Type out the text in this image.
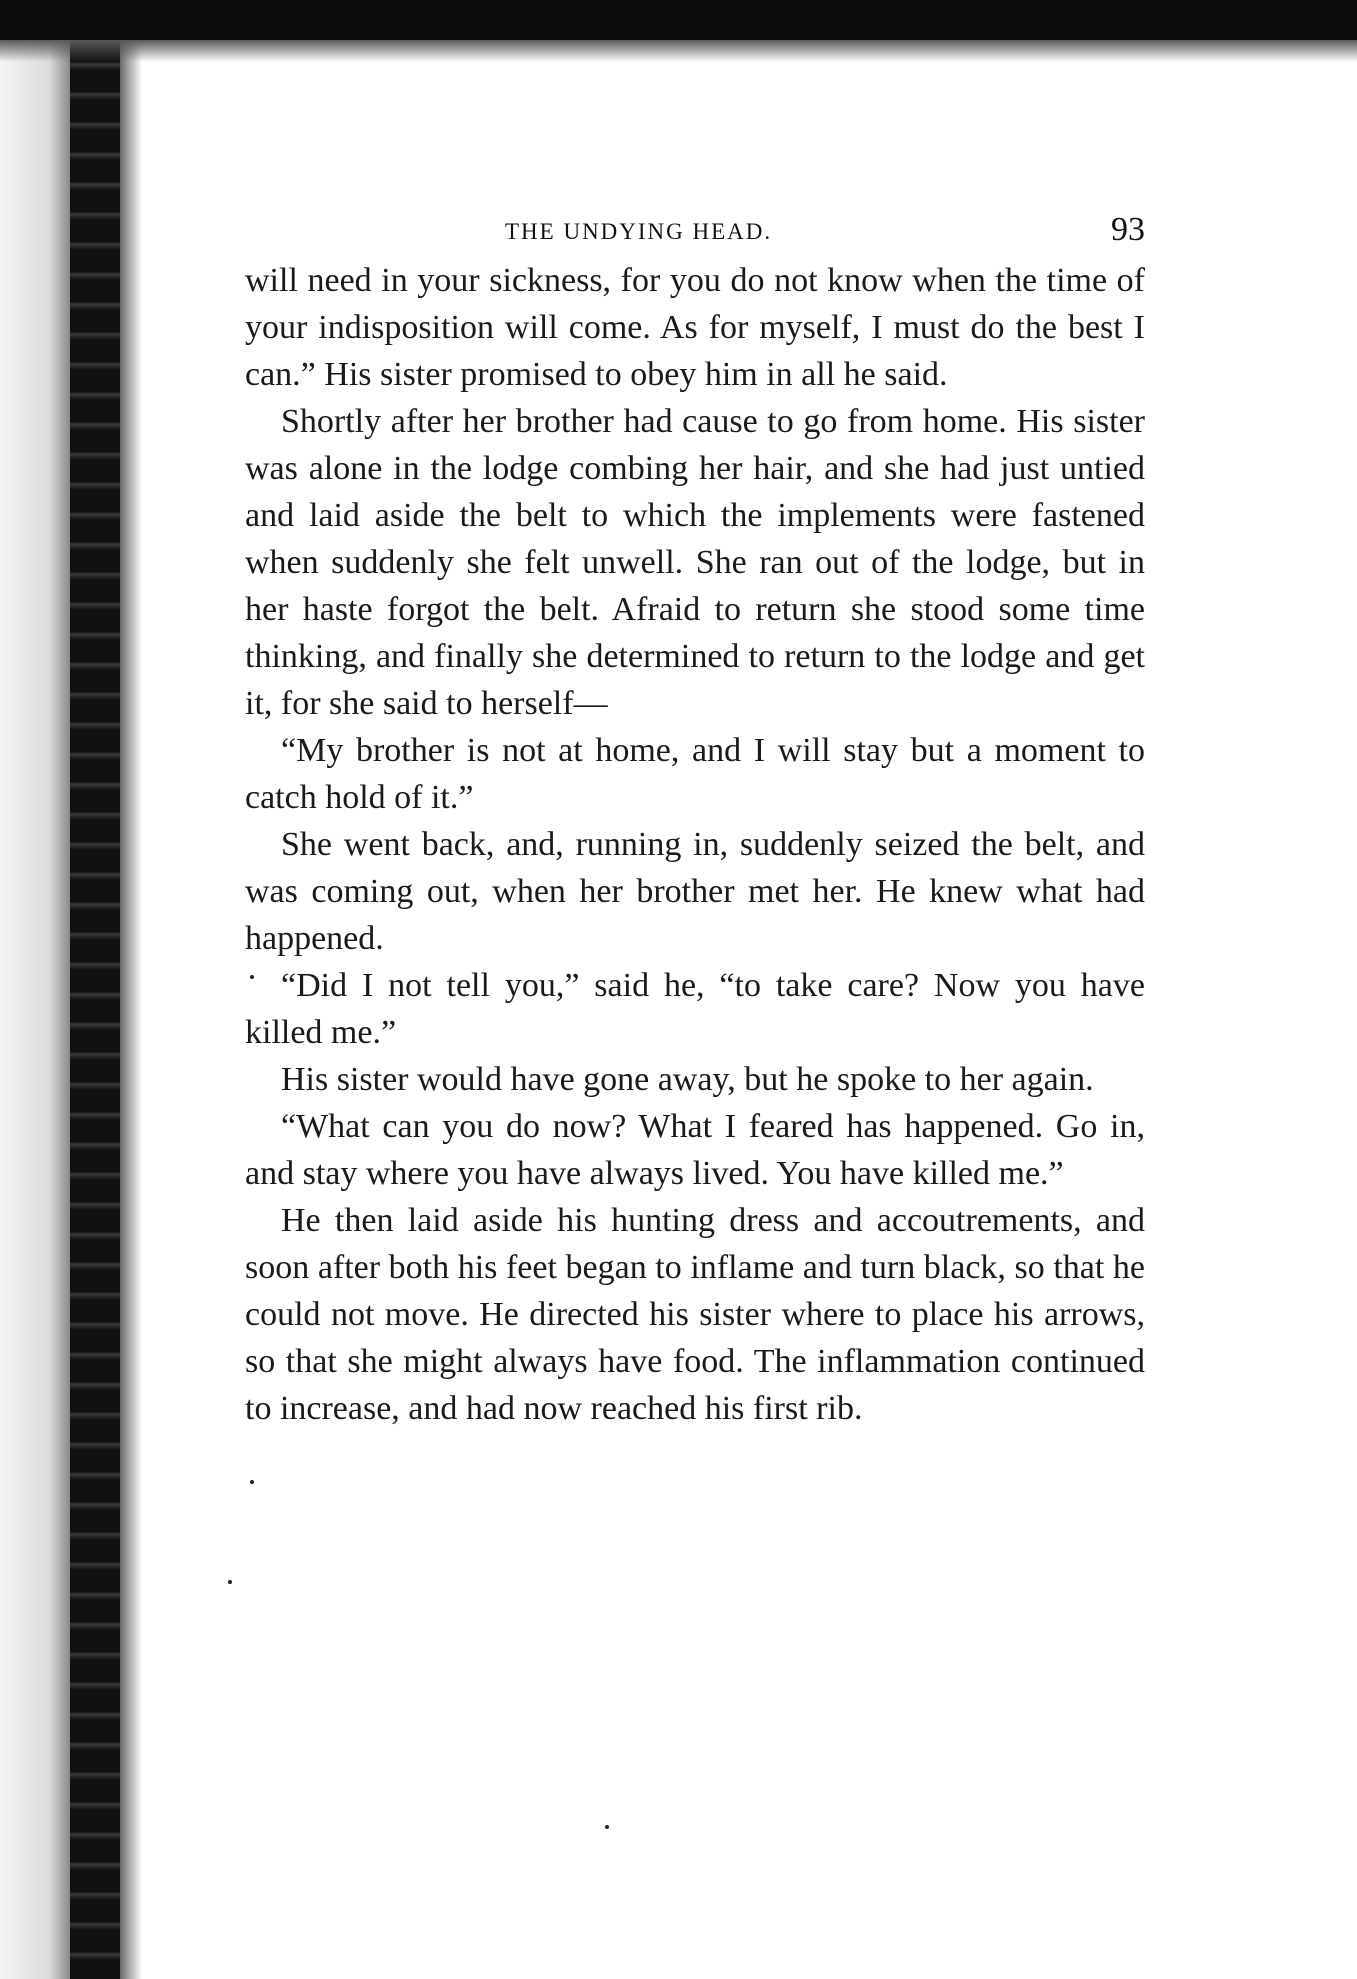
THE UNDYING HEAD.	93

will need in your sickness, for you do not know when the time of your indisposition will come. As for myself, I must do the best I can.” His sister promised to obey him in all he said.

Shortly after her brother had cause to go from home. His sister was alone in the lodge combing her hair, and she had just untied and laid aside the belt to which the implements were fastened when suddenly she felt unwell. She ran out of the lodge, but in her haste forgot the belt. Afraid to return she stood some time thinking, and finally she determined to return to the lodge and get it, for she said to herself—

“My brother is not at home, and I will stay but a moment to catch hold of it.”

She went back, and, running in, suddenly seized the belt, and was coming out, when her brother met her. He knew what had happened.

“Did I not tell you,” said he, “to take care? Now you have killed me.”

His sister would have gone away, but he spoke to her again.

“What can you do now? What I feared has happened. Go in, and stay where you have always lived. You have killed me.”

He then laid aside his hunting dress and accoutrements, and soon after both his feet began to inflame and turn black, so that he could not move. He directed his sister where to place his arrows, so that she might always have food. The inflammation continued to increase, and had now reached his first rib.
